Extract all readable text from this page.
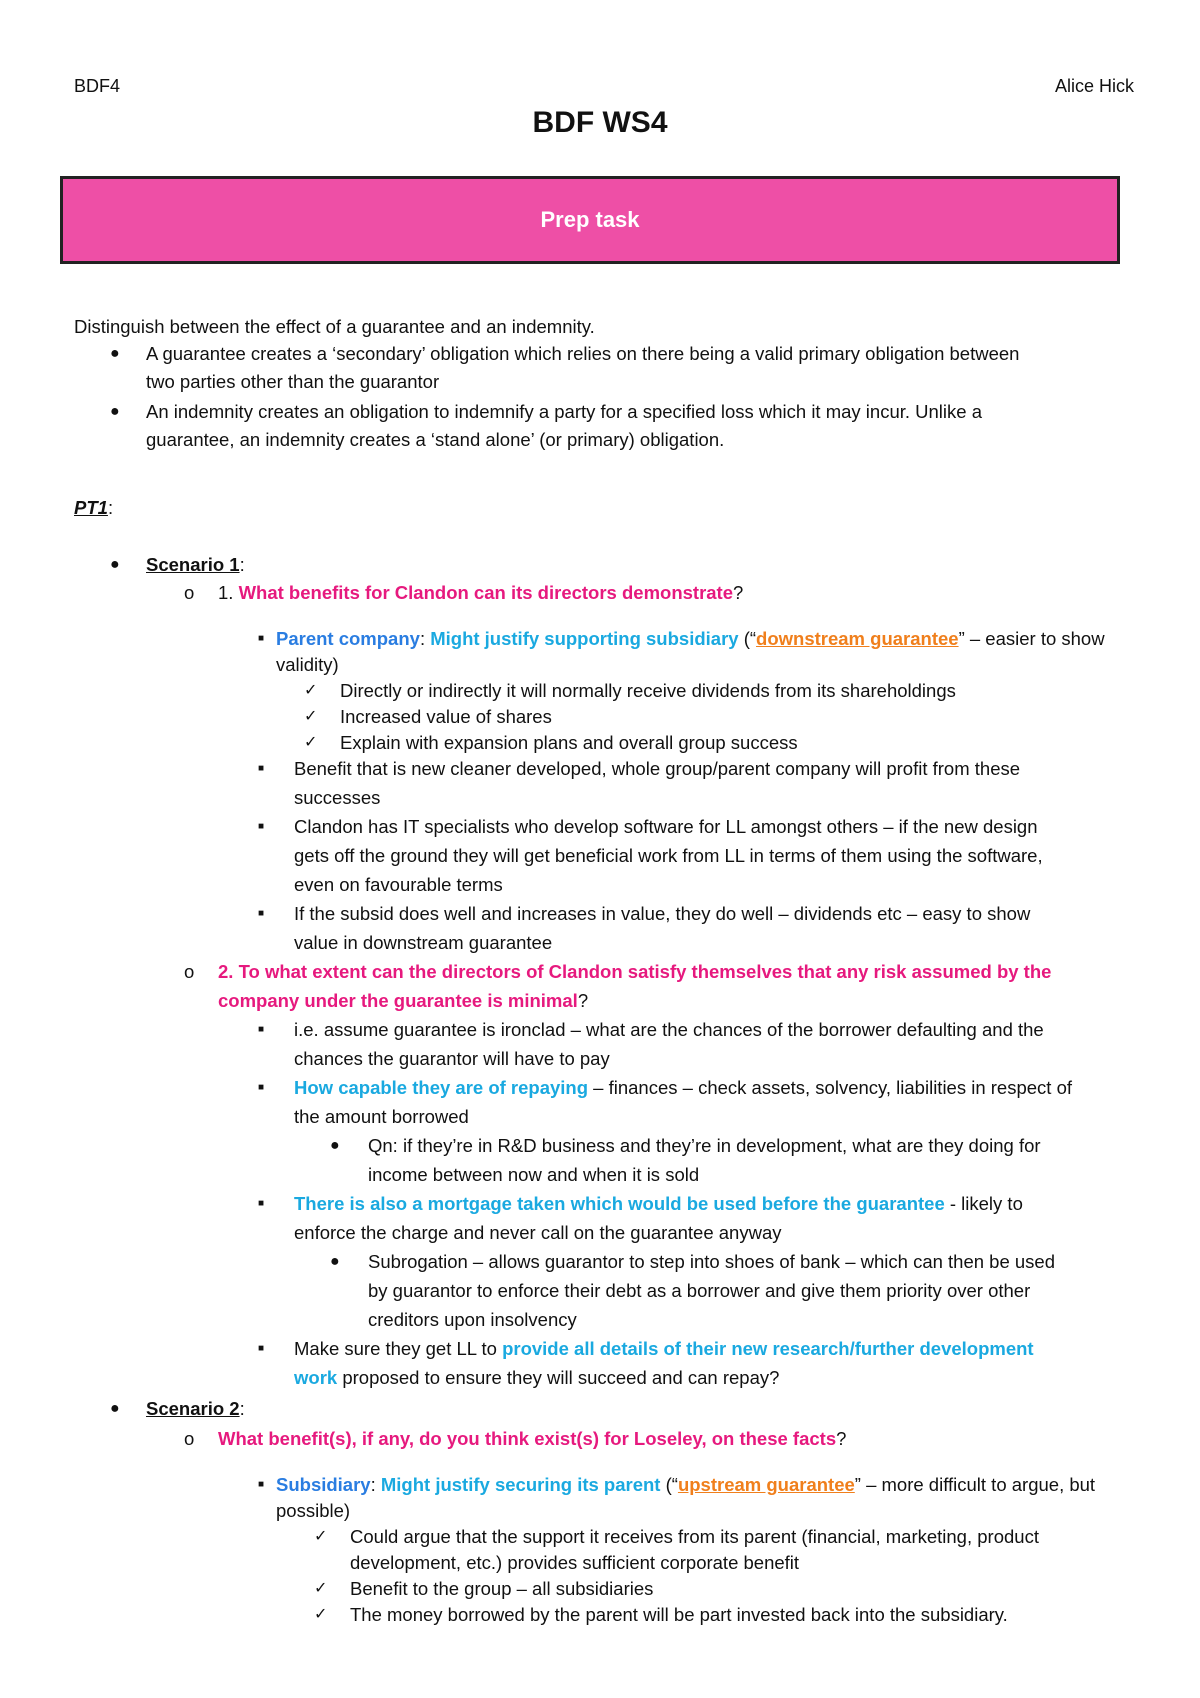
BDF4	Alice Hick
BDF WS4
Prep task
Distinguish between the effect of a guarantee and an indemnity.
● A guarantee creates a ‘secondary’ obligation which relies on there being a valid primary obligation between
two parties other than the guarantor
● An indemnity creates an obligation to indemnify a party for a specified loss which it may incur. Unlike a
guarantee, an indemnity creates a ‘stand alone’ (or primary) obligation.
PT1:
● Scenario 1:
o 1. What benefits for Clandon can its directors demonstrate?
■ Parent company: Might justify supporting subsidiary (“downstream guarantee” – easier to show
validity)
✓ Directly or indirectly it will normally receive dividends from its shareholdings
✓ Increased value of shares
✓ Explain with expansion plans and overall group success
■ Benefit that is new cleaner developed, whole group/parent company will profit from these
successes
■ Clandon has IT specialists who develop software for LL amongst others – if the new design
gets off the ground they will get beneficial work from LL in terms of them using the software,
even on favourable terms
■ If the subsid does well and increases in value, they do well – dividends etc – easy to show
value in downstream guarantee
o 2. To what extent can the directors of Clandon satisfy themselves that any risk assumed by the
company under the guarantee is minimal?
■ i.e. assume guarantee is ironclad – what are the chances of the borrower defaulting and the
chances the guarantor will have to pay
■ How capable they are of repaying – finances – check assets, solvency, liabilities in respect of
the amount borrowed
● Qn: if they’re in R&D business and they’re in development, what are they doing for
income between now and when it is sold
■ There is also a mortgage taken which would be used before the guarantee - likely to
enforce the charge and never call on the guarantee anyway
● Subrogation – allows guarantor to step into shoes of bank – which can then be used
by guarantor to enforce their debt as a borrower and give them priority over other
creditors upon insolvency
■ Make sure they get LL to provide all details of their new research/further development
work proposed to ensure they will succeed and can repay?
● Scenario 2:
o What benefit(s), if any, do you think exist(s) for Loseley, on these facts?
■ Subsidiary: Might justify securing its parent (“upstream guarantee” – more difficult to argue, but
possible)
✓ Could argue that the support it receives from its parent (financial, marketing, product
development, etc.) provides sufficient corporate benefit
✓ Benefit to the group – all subsidiaries
✓ The money borrowed by the parent will be part invested back into the subsidiary.
